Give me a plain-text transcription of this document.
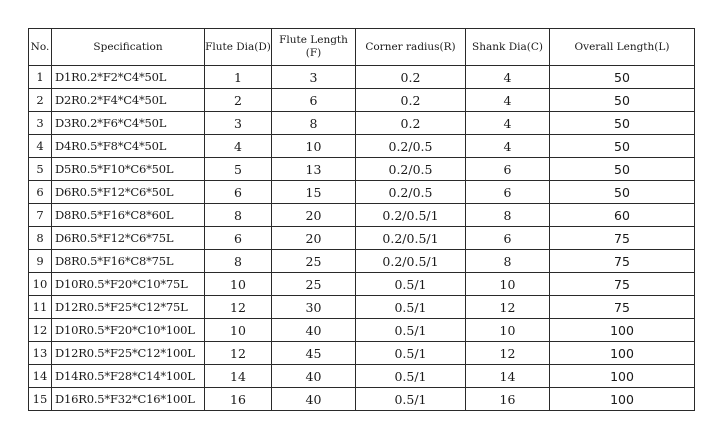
No.	Specification	Flute Dia(D)	Flute Length (F)	Corner radius(R)	Shank Dia(C)	Overall Length(L)
1	D1R0.2*F2*C4*50L	1	3	0.2	4	50
2	D2R0.2*F4*C4*50L	2	6	0.2	4	50
3	D3R0.2*F6*C4*50L	3	8	0.2	4	50
4	D4R0.5*F8*C4*50L	4	10	0.2/0.5	4	50
5	D5R0.5*F10*C6*50L	5	13	0.2/0.5	6	50
6	D6R0.5*F12*C6*50L	6	15	0.2/0.5	6	50
7	D8R0.5*F16*C8*60L	8	20	0.2/0.5/1	8	60
8	D6R0.5*F12*C6*75L	6	20	0.2/0.5/1	6	75
9	D8R0.5*F16*C8*75L	8	25	0.2/0.5/1	8	75
10	D10R0.5*F20*C10*75L	10	25	0.5/1	10	75
11	D12R0.5*F25*C12*75L	12	30	0.5/1	12	75
12	D10R0.5*F20*C10*100L	10	40	0.5/1	10	100
13	D12R0.5*F25*C12*100L	12	45	0.5/1	12	100
14	D14R0.5*F28*C14*100L	14	40	0.5/1	14	100
15	D16R0.5*F32*C16*100L	16	40	0.5/1	16	100
